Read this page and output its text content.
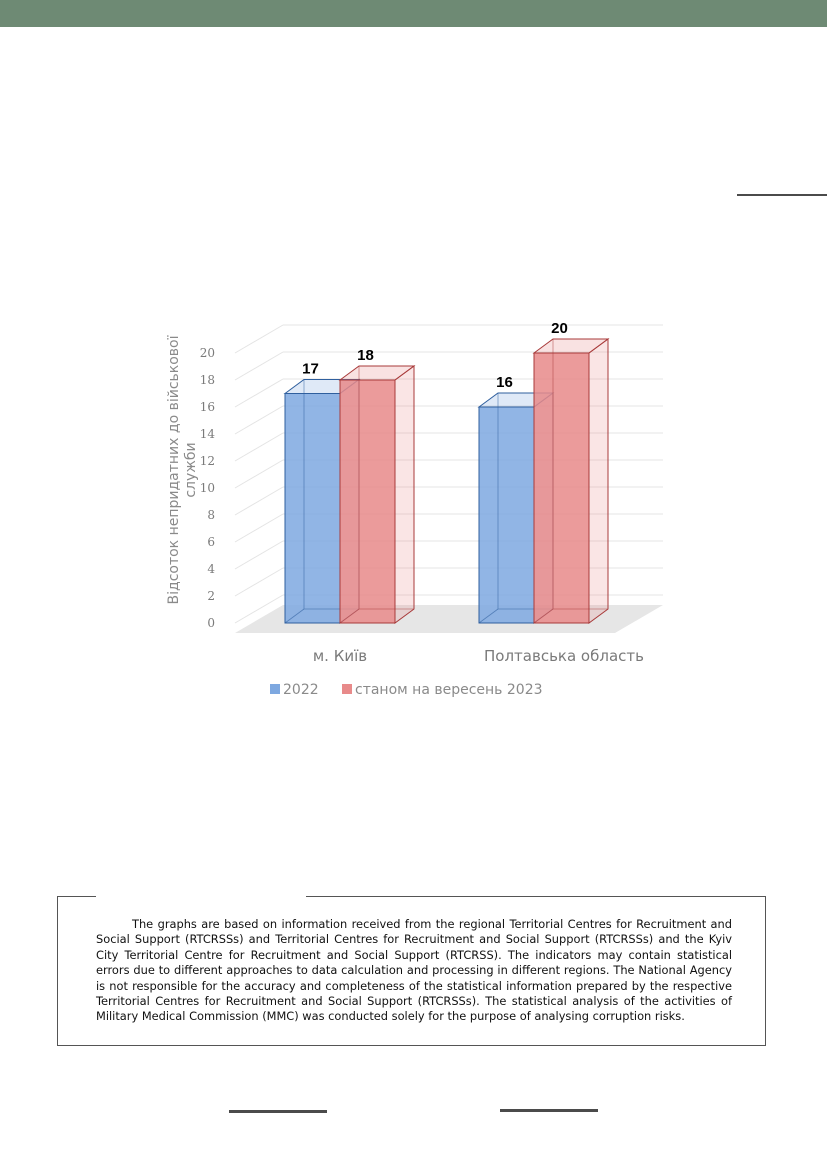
0
2
4
6
8
10
12
14
16
18
20
17
18
16
20
м. Київ	Полтавська область
Відсоток непридатних до військовоїслужби
2022	станом на вересень 2023

The graphs are based on information received from the regional Territorial Centres for Recruitment and Social Support (RTCRSSs) and Territorial Centres for Recruitment and Social Support (RTCRSSs) and the Kyiv City Territorial Centre for Recruitment and Social Support (RTCRSS). The indicators may contain statistical errors due to different approaches to data calculation and processing in different regions. The National Agency is not responsible for the accuracy and completeness of the statistical information prepared by the respective Territorial Centres for Recruitment and Social Support (RTCRSSs). The statistical analysis of the activities of Military Medical Commission (MMC) was conducted solely for the purpose of analysing corruption risks.
